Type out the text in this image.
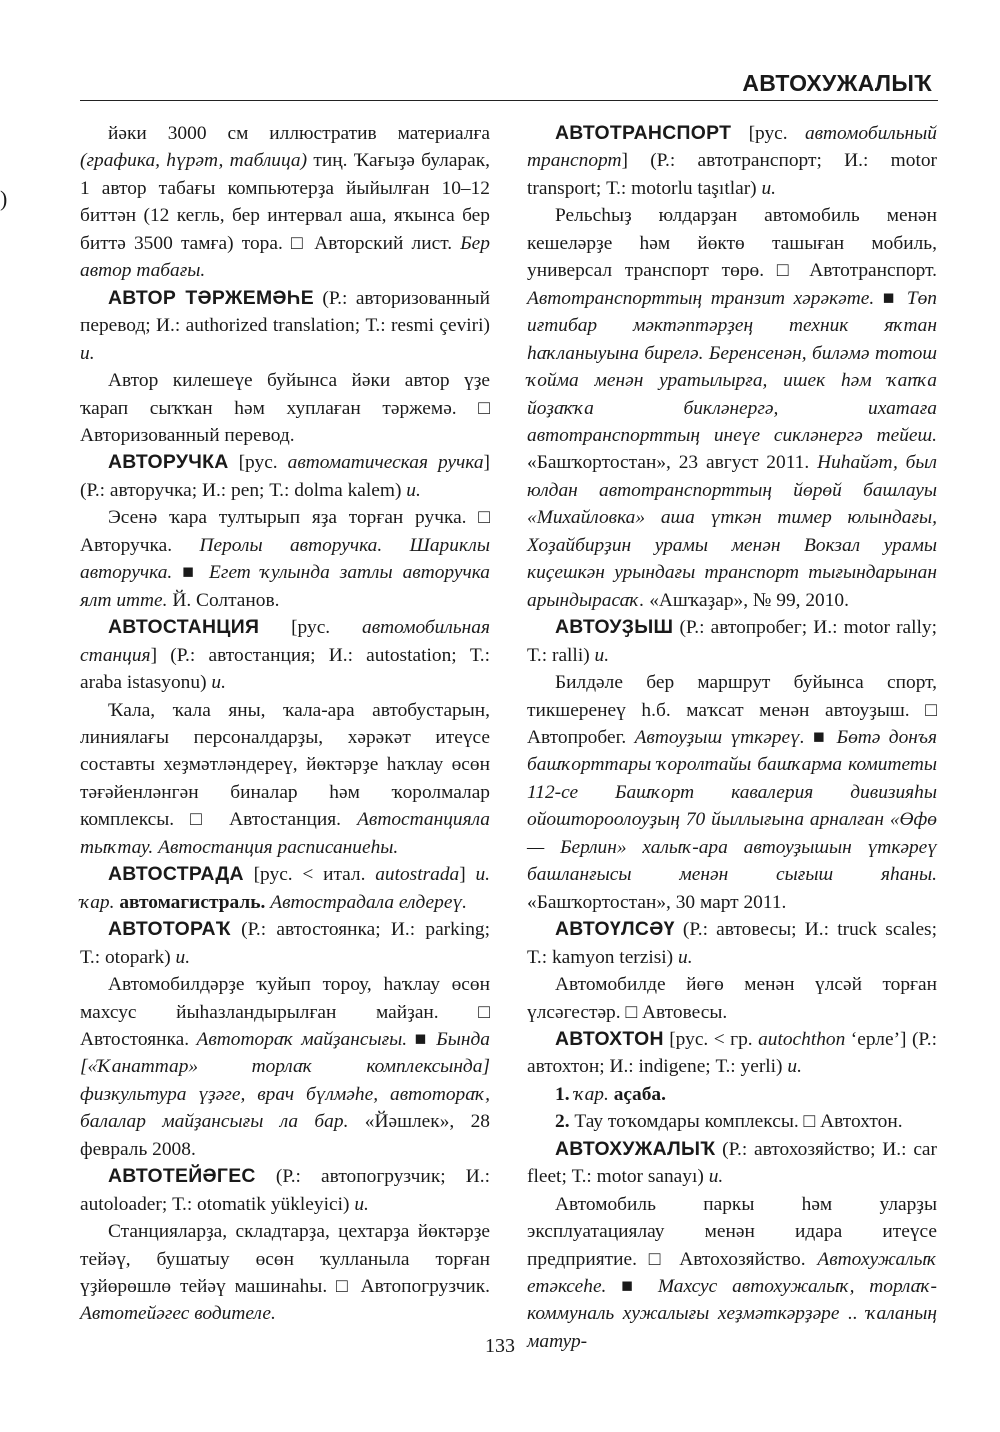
)
АВТОХУЖАЛЫҠ

йәки 3000 см иллюстратив материалға (графика, һүрәт, таблица) тиң. Ҡағыҙә буларак, 1 автор табағы компьютерҙа йыйылған 10–12 биттән (12 кегль, бер интервал аша, яҡынса бер биттә 3500 тамға) тора. □ Авторский лист. Бер автор табағы.

АВТОР ТӘРЖЕМӘҺЕ (Р.: авторизованный перевод; И.: authorized translation; Т.: resmi çeviri) и.

Автор килешеүе буйынса йәки автор үҙе ҡарап сыҡҡан һәм хуплаған тәржемә. □ Авторизованный перевод.

АВТОРУЧКА [рус. автоматическая ручка] (Р.: авторучка; И.: pen; Т.: dolma kalem) и.

Эсенә ҡара тултырып яҙа торған ручка. □ Авторучка. Перолы авторучка. Шариклы авторучка. ■ Егет ҡулында затлы авторучка ялт итте. Й. Солтанов.

АВТОСТАНЦИЯ [рус. автомобильная станция] (Р.: автостанция; И.: autostation; Т.: araba istasyonu) и.

Ҡала, ҡала яны, ҡала-ара автобустарын, линиялағы персоналдарҙы, хәрәкәт итеүсе составты хеҙмәтләндереү, йөктәрҙе һаҡлау өсөн тәғәйенләнгән биналар һәм ҡоролмалар комплексы. □ Автостанция. Автостанцияла тыҡтау. Автостанция расписаниеһы.

АВТОСТРАДА [рус. < итал. autostrada] и. ҡар. автомагистраль. Автострадала елдереү.

АВТОТОРАҠ (Р.: автостоянка; И.: parking; Т.: otopark) и.

Автомобилдәрҙе ҡуйып тороу, һаҡлау өсөн махсус йыһазландырылған майҙан. □ Автостоянка. Автотораҡ майҙансығы. ■ Бында [«Ҡанаттар» торлаҡ комплексында] физкультура үҙәге, врач бүлмәһе, автотораҡ, балалар майҙансығы ла бар. «Йәшлек», 28 февраль 2008.

АВТОТЕЙӘГЕС (Р.: автопогрузчик; И.: autoloader; Т.: otomatik yükleyici) и.

Станцияларҙа, складтарҙа, цехтарҙа йөктәрҙе тейәү, бушатыу өсөн ҡулланыла торған үҙйөрөшлө тейәү машинаһы. □ Автопогрузчик. Автотейәгес водителе.

АВТОТРАНСПОРТ [рус. автомобильный транспорт] (Р.: автотранспорт; И.: motor transport; Т.: motorlu taşıtlar) и.

Рельсһыҙ юлдарҙан автомобиль менән кешеләрҙе һәм йөктө ташыған мобиль, универсал транспорт төрө. □ Автотранспорт. Автотранспорттың транзит хәрәкәте. ■ Төп иғтибар мәктәптәрҙең техник яҡтан һаҡланыуына бирелә. Беренсенән, биләмә тотош ҡойма менән уратылырға, ишек һәм ҡапҡа йоҙаҡҡа бикләнергә, ихатаға автотранспорттың инеүе сикләнергә тейеш. «Башҡортостан», 23 август 2011. Ниһайәт, был юлдан автотранспорттың йөрөй башлауы «Михайловка» аша үткән тимер юлындағы, Хоҙайбирҙин урамы менән Вокзал урамы киҫешкән урындағы транспорт тығындарынан арындырасаҡ. «Ашҡаҙар», № 99, 2010.

АВТОУҘЫШ (Р.: автопробег; И.: motor rally; Т.: ralli) и.

Билдәле бер маршрут буйынса спорт, тикшеренеү һ.б. маҡсат менән автоуҙыш. □ Автопробег. Автоуҙыш үткәреү. ■ Бөтә донъя башҡорттары ҡоролтайы башҡарма комитеты 112-се Башҡорт кавалерия дивизияһы ойоштороолоуҙың 70 йыллығына арналған «Өфө — Берлин» халыҡ-ара автоуҙышын үткәреү башланғысы менән сығыш яһаны. «Башҡортостан», 30 март 2011.

АВТОҮЛСӘҮ (Р.: автовесы; И.: truck scales; Т.: kamyon terzisi) и.

Автомобилде йөгө менән үлсәй торған үлсәгестәр. □ Автовесы.

АВТОХТОН [рус. < гр. autochthon ‘ерле’] (Р.: автохтон; И.: indigene; Т.: yerli) и.

1. ҡар. аҫаба.

2. Тау тоҡомдары комплексы. □ Автохтон.

АВТОХУЖАЛЫҠ (Р.: автохозяйство; И.: car fleet; Т.: motor sanayı) и.

Автомобиль паркы һәм уларҙы эксплуатациялау менән идара итеүсе предприятие. □ Автохозяйство. Автохужалыҡ етәксеһе. ■ Махсус автохужалыҡ, торлаҡ-коммуналь хужалығы хеҙмәткәрҙәре .. ҡаланың матур-

133
